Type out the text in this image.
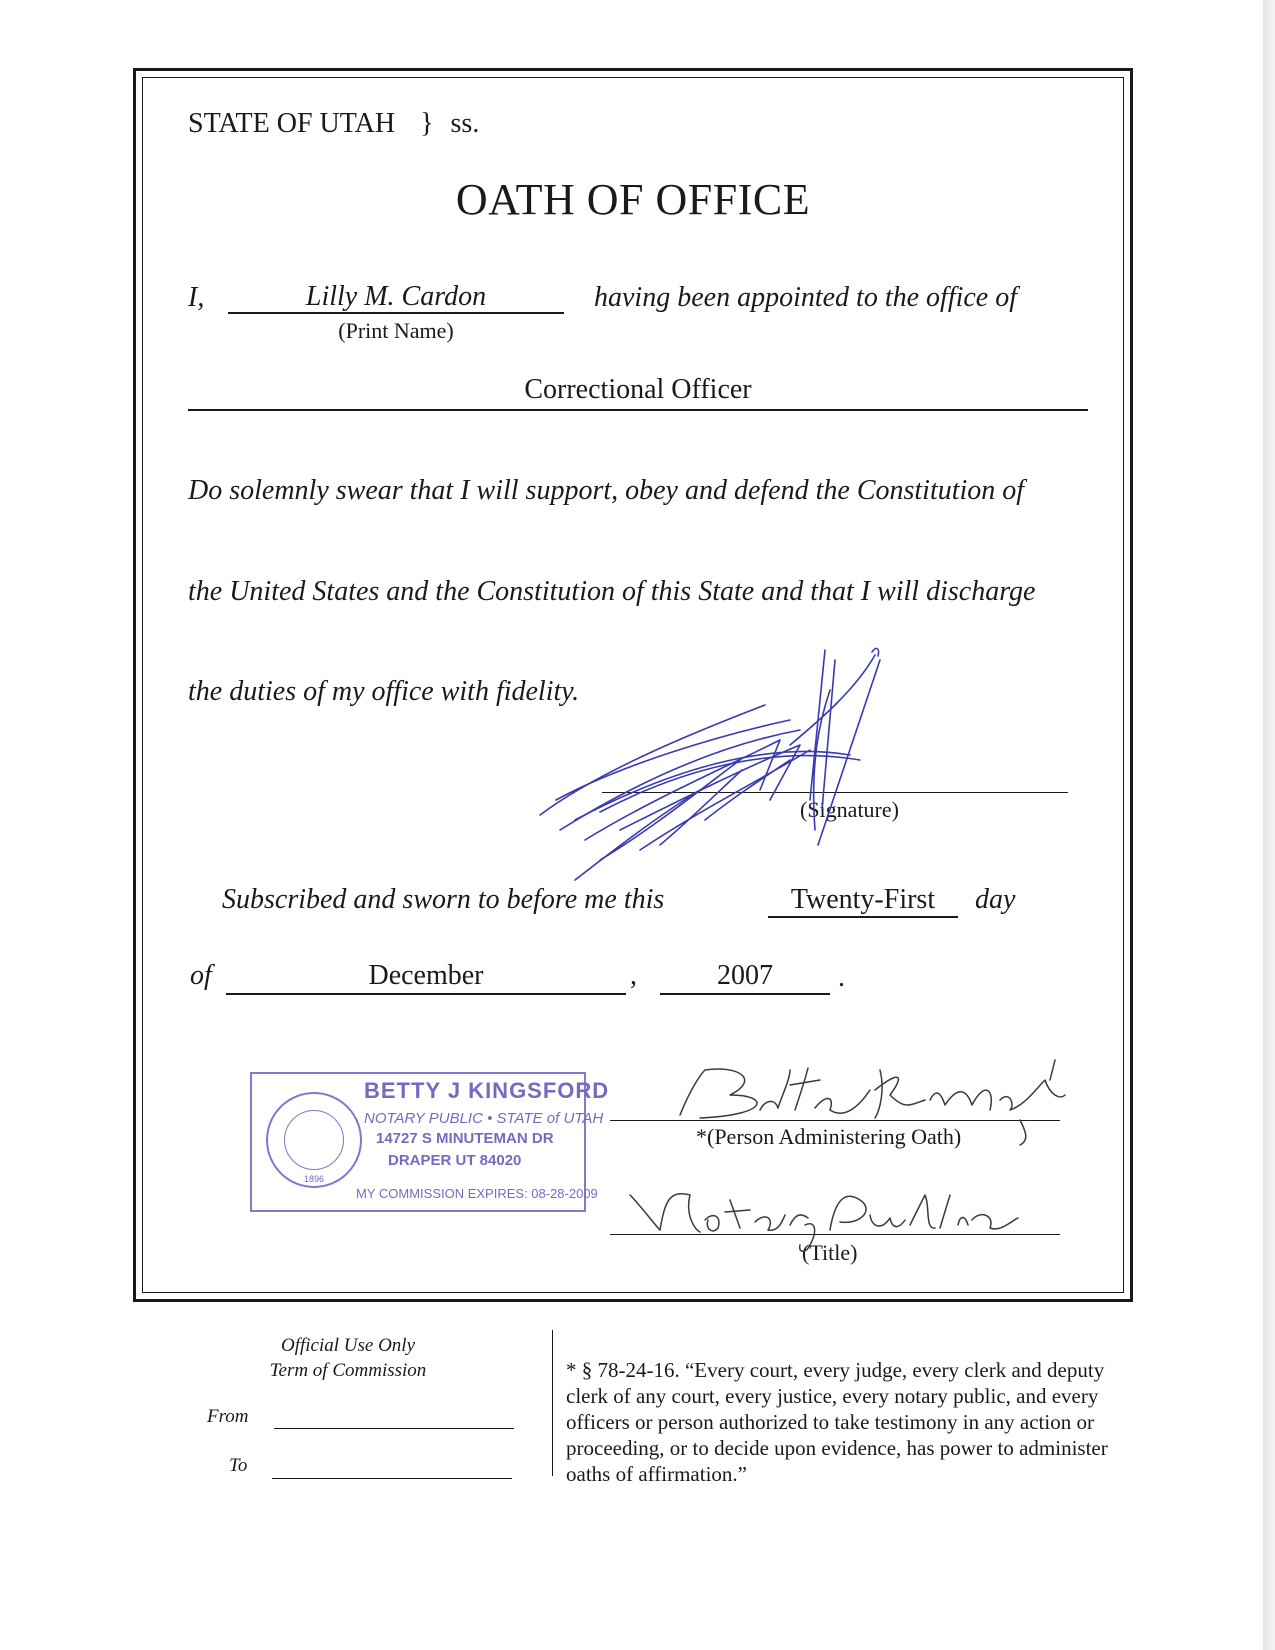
STATE OF UTAH } ss.
OATH OF OFFICE
I,	Lilly M. Cardon
(Print Name)
having been appointed to the office of
Correctional Officer
Do solemnly swear that I will support, obey and defend the Constitution of
the United States and the Constitution of this State and that I will discharge
the duties of my office with fidelity.
(Signature)
Subscribed and sworn to before me this	Twenty-First	day
of	December	,	2007	.
1896
BETTY J KINGSFORD
NOTARY PUBLIC • STATE of UTAH
14727 S MINUTEMAN DR
DRAPER UT 84020
MY COMMISSION EXPIRES: 08-28-2009
*(Person Administering Oath)
(Title)
Official Use Only
Term of Commission
From
To
* § 78-24-16. “Every court, every judge, every clerk and deputy clerk of any court, every justice, every notary public, and every officers or person authorized to take testimony in any action or proceeding, or to decide upon evidence, has power to administer oaths of affirmation.”
